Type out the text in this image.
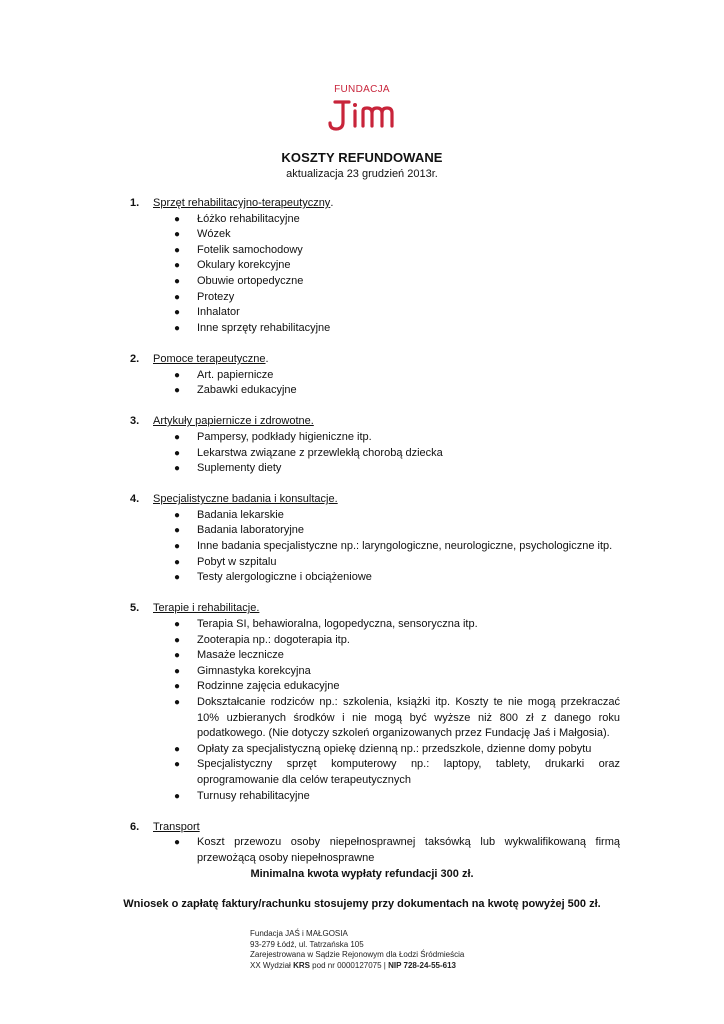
FUNDACJA
KOSZTY REFUNDOWANE
aktualizacja 23 grudzień 2013r.
1.	Sprzęt rehabilitacyjno-terapeutyczny .
● Łóżko rehabilitacyjne
● Wózek
● Fotelik samochodowy
● Okulary korekcyjne
● Obuwie ortopedyczne
● Protezy
● Inhalator
● Inne sprzęty rehabilitacyjne
2.	Pomoce terapeutyczne .
● Art. papiernicze
● Zabawki edukacyjne
3.	Artykuły papiernicze i zdrowotne.
● Pampersy, podkłady higieniczne itp.
● Lekarstwa związane z przewlekłą chorobą dziecka
● Suplementy diety
4.	Specjalistyczne badania i konsultacje.
● Badania lekarskie
● Badania laboratoryjne
● Inne badania specjalistyczne np.: laryngologiczne, neurologiczne, psychologiczne itp.
● Pobyt w szpitalu
● Testy alergologiczne i obciążeniowe
5.	Terapie i rehabilitacje.
● Terapia SI, behawioralna, logopedyczna, sensoryczna itp.
● Zooterapia np.: dogoterapia itp.
● Masaże lecznicze
● Gimnastyka korekcyjna
● Rodzinne zajęcia edukacyjne
● Dokształcanie rodziców np.: szkolenia, książki itp. Koszty te nie mogą przekraczać 10% uzbieranych środków i nie mogą być wyższe niż 800 zł z danego roku podatkowego. (Nie dotyczy szkoleń organizowanych przez Fundację Jaś i Małgosia).
● Opłaty za specjalistyczną opiekę dzienną np.: przedszkole, dzienne domy pobytu
● Specjalistyczny sprzęt komputerowy np.: laptopy, tablety, drukarki oraz oprogramowanie dla celów terapeutycznych
● Turnusy rehabilitacyjne
6.	Transport
● Koszt przewozu osoby niepełnosprawnej taksówką lub wykwalifikowaną firmą przewożącą osoby niepełnosprawne
Minimalna kwota wypłaty refundacji 300 zł.
Wniosek o zapłatę faktury/rachunku stosujemy przy dokumentach na kwotę powyżej 500 zł.
Fundacja JAŚ i MAŁGOSIA
93-279 Łódź, ul. Tatrzańska 105
Zarejestrowana w Sądzie Rejonowym dla Łodzi Śródmieścia
XX Wydział KRS pod nr 0000127075 | NIP 728-24-55-613
